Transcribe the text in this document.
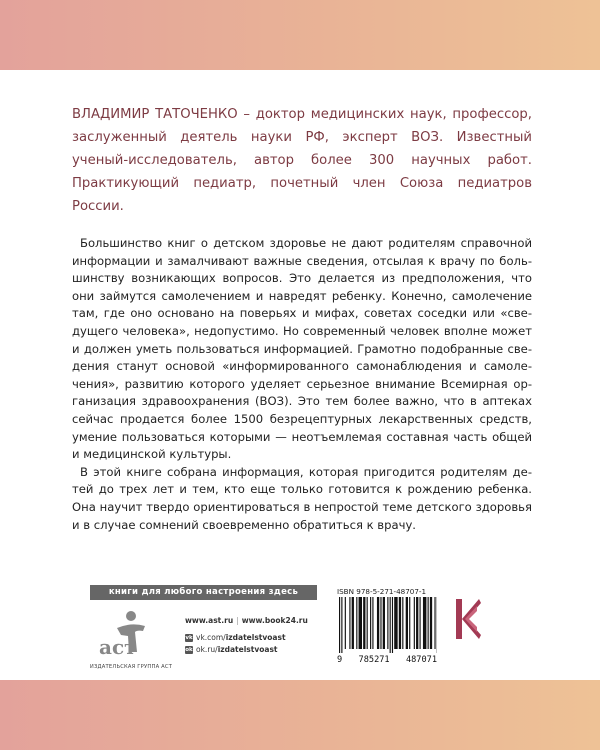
ВЛАДИМИР ТАТОЧЕНКО – доктор медицинских наук, профессор, заслуженный деятель науки РФ, эксперт ВОЗ. Известный ученый-исследователь, автор более 300 научных работ. Практикующий педиатр, почетный член Союза педиатров России.

Большинство книг о детском здоровье не дают родителям справочной информации и замалчивают важные сведения, отсылая к врачу по большинству возникающих вопросов. Это делается из предположения, что они займутся самолечением и навредят ребенку. Конечно, самолечение там, где оно основано на поверьях и мифах, советах соседки или «сведущего человека», недопустимо. Но современный человек вполне может и должен уметь пользоваться информацией. Грамотно подобранные сведения станут основой «информированного самонаблюдения и самолечения», развитию которого уделяет серьезное внимание Всемирная организация здравоохранения (ВОЗ). Это тем более важно, что в аптеках сейчас продается более 1500 безрецептурных лекарственных средств, умение пользоваться которыми — неотъемлемая составная часть общей и медицинской культуры.

В этой книге собрана информация, которая пригодится родителям детей до трех лет и тем, кто еще только готовится к рождению ребенка. Она научит твердо ориентироваться в непростой теме детского здоровья и в случае сомнений своевременно обратиться к врачу.

книги для любого настроения здесь
аст
ИЗДАТЕЛЬСКАЯ ГРУППА АСТ
www.ast.ru | www.book24.ru
vk vk.com/ izdatelstvoast
ok ok.ru/ izdatelstvoast
ISBN 978-5-271-48707-1
9 785271 487071
